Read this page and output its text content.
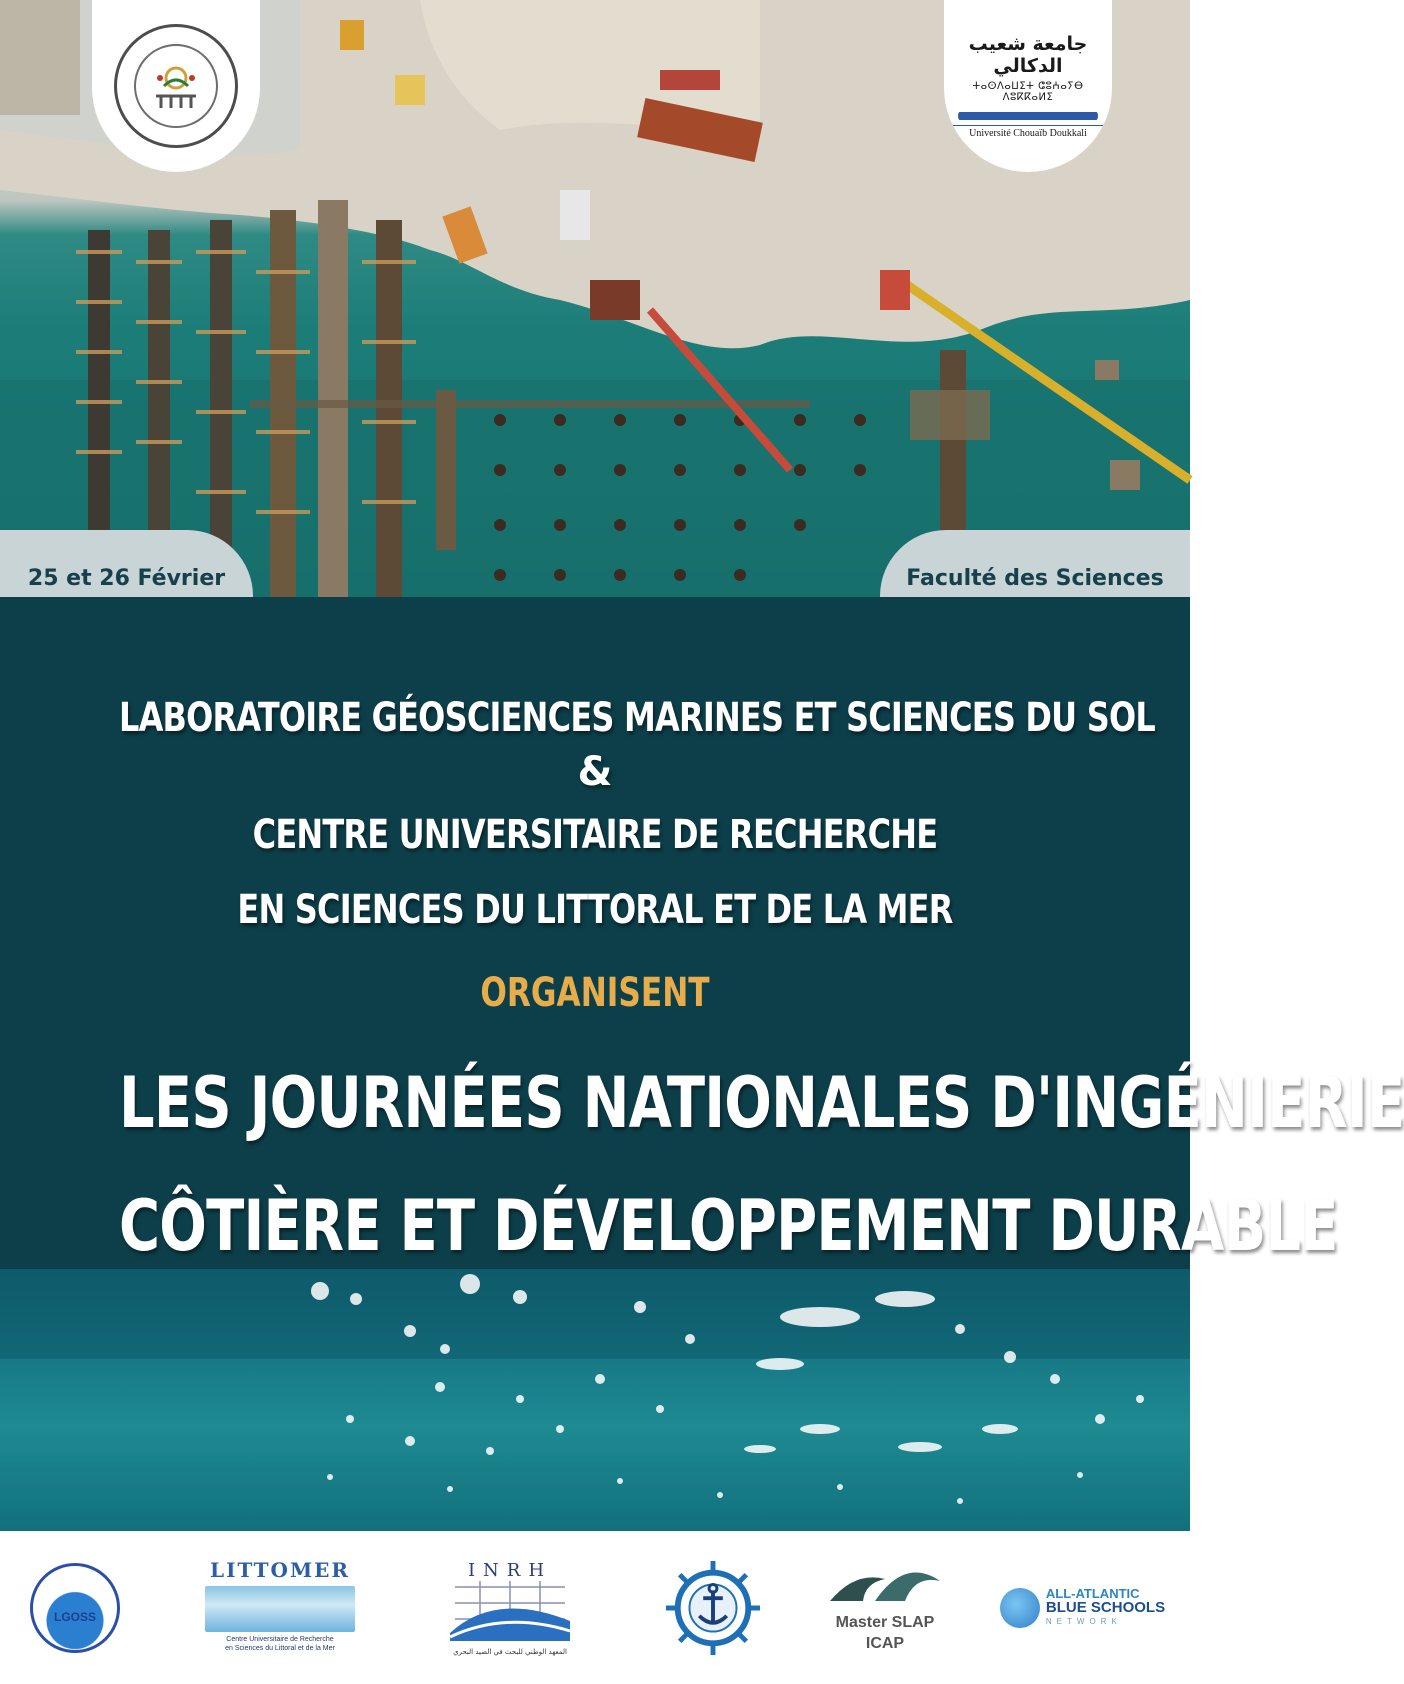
جامعة شعيب الدكالي
ⵜⴰⵙⴷⴰⵡⵉⵜ ⵛⵓⵄⴰⵢⴱ ⴷⵓⴽⴽⴰⵍⵉ
Université Chouaïb Doukkali
25 et 26 Février	Faculté des Sciences
LABORATOIRE GÉOSCIENCES MARINES ET SCIENCES DU SOL
&
CENTRE UNIVERSITAIRE DE RECHERCHE
EN SCIENCES DU LITTORAL ET DE LA MER
ORGANISENT
LES JOURNÉES NATIONALES D'INGÉNIERIE
CÔTIÈRE ET DÉVELOPPEMENT DURABLE
LGOSS
LITTOMER
Centre Universitaire de Recherche
en Sciences du Littoral et de la Mer
INRH
المعهد الوطني للبحث في الصيد البحري
Master SLAP
ICAP
ALL-ATLANTIC
BLUE SCHOOLS
NETWORK
